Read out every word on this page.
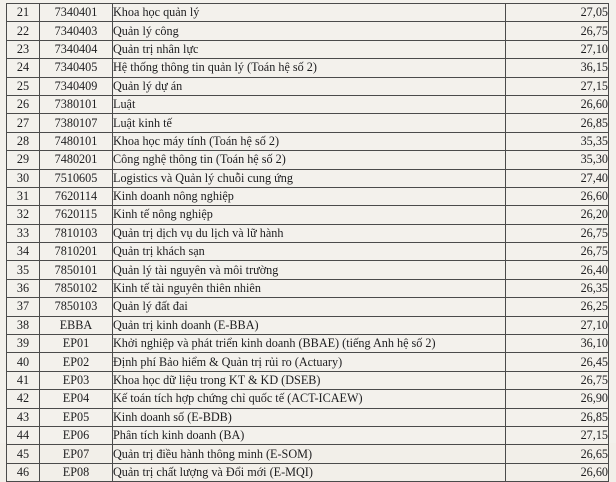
21	7340401	Khoa học quản lý	27,05
22	7340403	Quản lý công	26,75
23	7340404	Quản trị nhân lực	27,10
24	7340405	Hệ thống thông tin quản lý (Toán hệ số 2)	36,15
25	7340409	Quản lý dự án	27,15
26	7380101	Luật	26,60
27	7380107	Luật kinh tế	26,85
28	7480101	Khoa học máy tính (Toán hệ số 2)	35,35
29	7480201	Công nghệ thông tin (Toán hệ số 2)	35,30
30	7510605	Logistics và Quản lý chuỗi cung ứng	27,40
31	7620114	Kinh doanh nông nghiệp	26,60
32	7620115	Kinh tế nông nghiệp	26,20
33	7810103	Quản trị dịch vụ du lịch và lữ hành	26,75
34	7810201	Quản trị khách sạn	26,75
35	7850101	Quản lý tài nguyên và môi trường	26,40
36	7850102	Kinh tế tài nguyên thiên nhiên	26,35
37	7850103	Quản lý đất đai	26,25
38	EBBA	Quản trị kinh doanh (E-BBA)	27,10
39	EP01	Khởi nghiệp và phát triển kinh doanh (BBAE) (tiếng Anh hệ số 2)	36,10
40	EP02	Định phí Bảo hiểm & Quản trị rủi ro (Actuary)	26,45
41	EP03	Khoa học dữ liệu trong KT & KD (DSEB)	26,75
42	EP04	Kế toán tích hợp chứng chỉ quốc tế (ACT-ICAEW)	26,90
43	EP05	Kinh doanh số (E-BDB)	26,85
44	EP06	Phân tích kinh doanh (BA)	27,15
45	EP07	Quản trị điều hành thông minh (E-SOM)	26,65
46	EP08	Quản trị chất lượng và Đổi mới (E-MQI)	26,60
